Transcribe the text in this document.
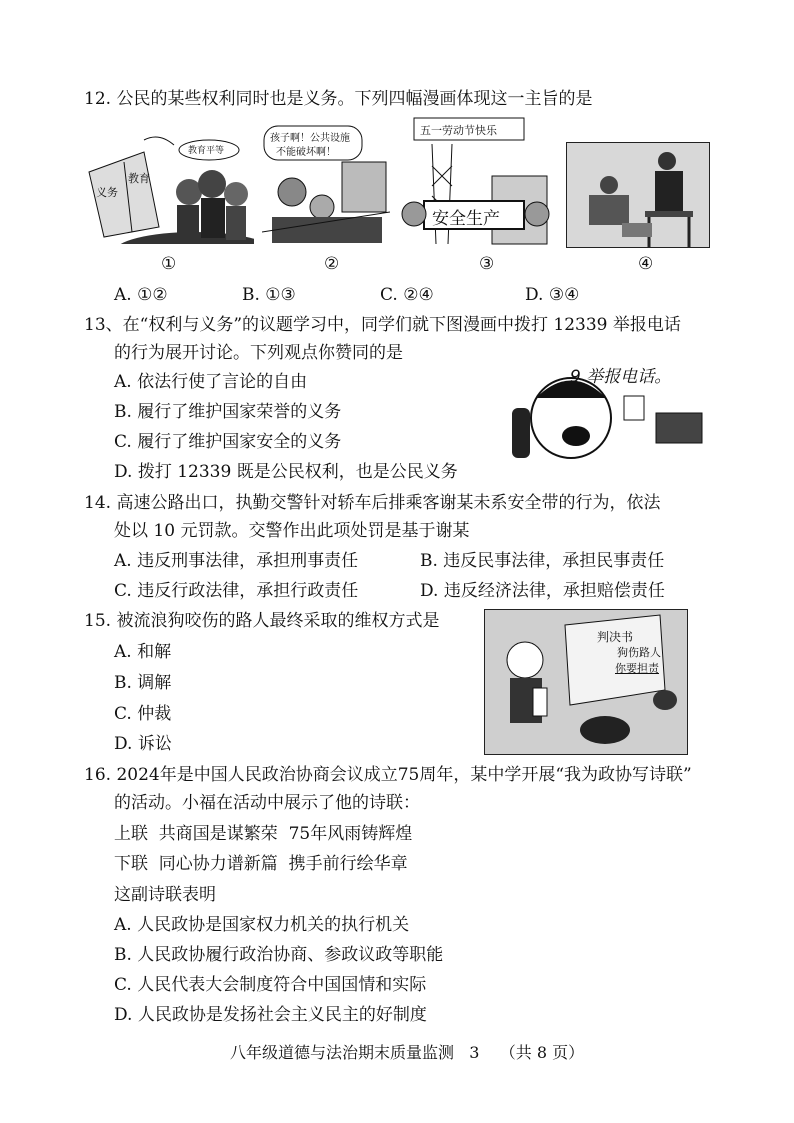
12. 公民的某些权利同时也是义务。下列四幅漫画体现这一主旨的是
义务
教育
教育平等
①
孩子啊！公共设施
不能破坏啊！
②
五一劳动节快乐
安全生产
③	④
A. ①②	B. ①③	C. ②④	D. ③④
13、在“权利与义务”的议题学习中，同学们就下图漫画中拨打 12339 举报电话
的行为展开讨论。下列观点你赞同的是
A. 依法行使了言论的自由
B. 履行了维护国家荣誉的义务
C. 履行了维护国家安全的义务
D. 拨打 12339 既是公民权利，也是公民义务
9 举报电话。
14. 高速公路出口，执勤交警针对轿车后排乘客谢某未系安全带的行为，依法
处以 10 元罚款。交警作出此项处罚是基于谢某
A. 违反刑事法律，承担刑事责任	B. 违反民事法律，承担民事责任
C. 违反行政法律，承担行政责任	D. 违反经济法律，承担赔偿责任
15. 被流浪狗咬伤的路人最终采取的维权方式是
A. 和解
B. 调解
C. 仲裁
D. 诉讼
判决书
狗伤路人
你要担责
16. 2024年是中国人民政治协商会议成立75周年，某中学开展“我为政协写诗联”
的活动。小福在活动中展示了他的诗联：
上联  共商国是谋繁荣  75年风雨铸辉煌
下联  同心协力谱新篇  携手前行绘华章
这副诗联表明
A. 人民政协是国家权力机关的执行机关
B. 人民政协履行政治协商、参政议政等职能
C. 人民代表大会制度符合中国国情和实际
D. 人民政协是发扬社会主义民主的好制度
八年级道德与法治期末质量监测   3    （共 8 页）
